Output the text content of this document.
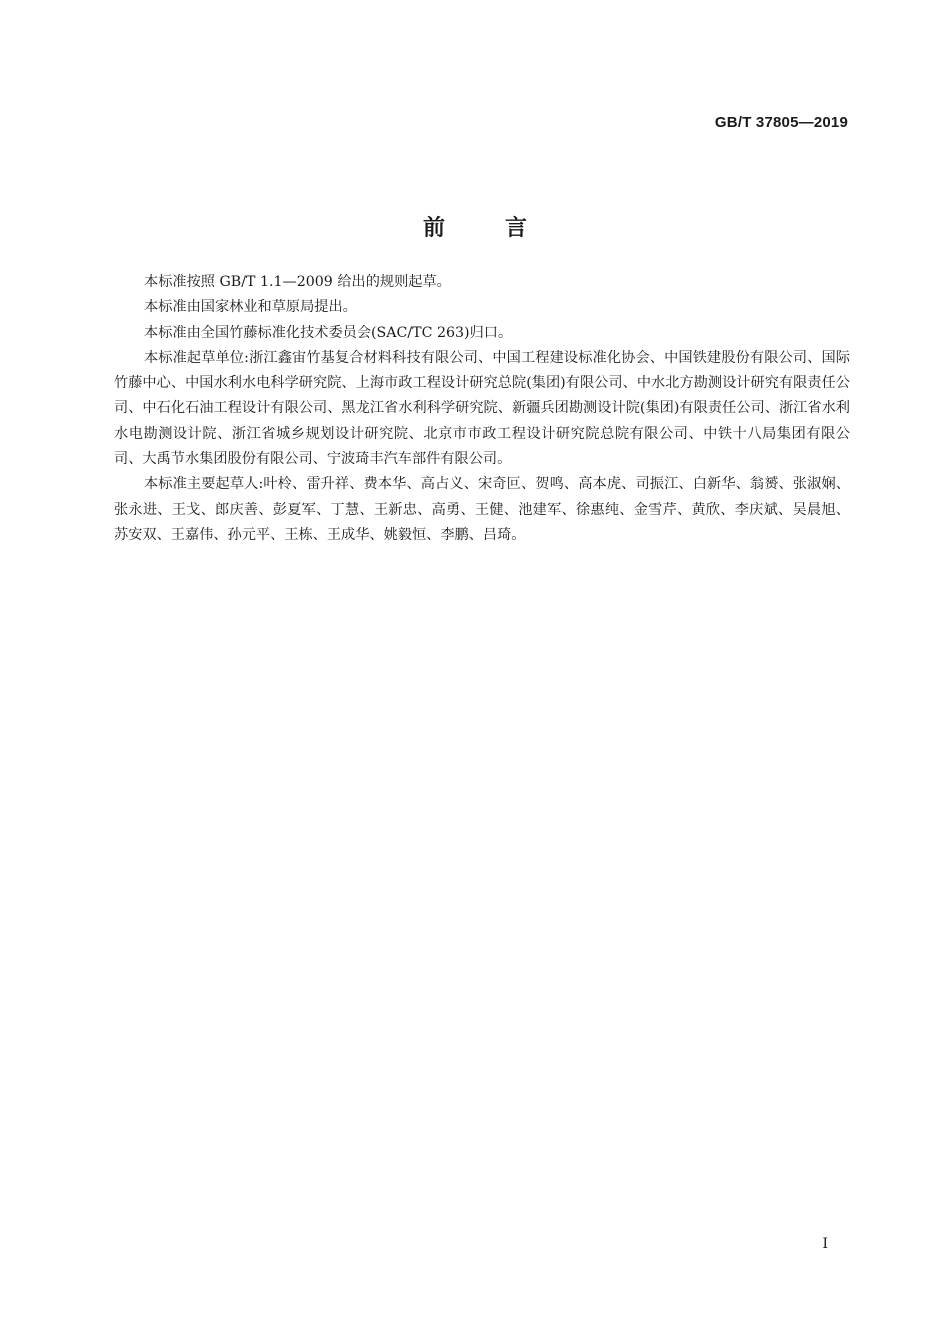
GB/T 37805—2019
前言

本标准按照 GB/T 1.1—2009 给出的规则起草。

本标准由国家林业和草原局提出。

本标准由全国竹藤标准化技术委员会(SAC/TC 263)归口。

本标准起草单位:浙江鑫宙竹基复合材料科技有限公司、中国工程建设标准化协会、中国铁建股份有限公司、国际竹藤中心、中国水利水电科学研究院、上海市政工程设计研究总院(集团)有限公司、中水北方勘测设计研究有限责任公司、中石化石油工程设计有限公司、黑龙江省水利科学研究院、新疆兵团勘测设计院(集团)有限责任公司、浙江省水利水电勘测设计院、浙江省城乡规划设计研究院、北京市市政工程设计研究院总院有限公司、中铁十八局集团有限公司、大禹节水集团股份有限公司、宁波琦丰汽车部件有限公司。

本标准主要起草人:叶柃、雷升祥、费本华、高占义、宋奇叵、贺鸣、高本虎、司振江、白新华、翁赟、张淑娴、张永进、王戈、郎庆善、彭夏军、丁慧、王新忠、高勇、王健、池建军、徐惠纯、金雪芹、黄欣、李庆斌、吴晨旭、苏安双、王嘉伟、孙元平、王栋、王成华、姚毅恒、李鹏、吕琦。

I
